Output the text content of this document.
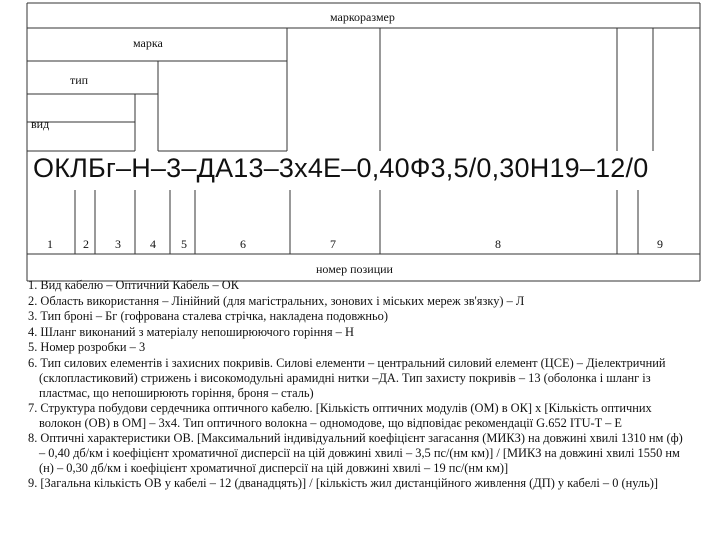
маркоразмер
марка
тип
вид
ОКЛБг–Н–3–ДА13–3х4Е–0,40Ф3,5/0,30Н19–12/0
1	2 3 4 5	6	7	8	9
номер позиции
1. Вид кабелю – Оптичний Кабель – ОК
2. Область використання – Лінійний (для магістральних, зонових і міських мереж зв'язку) – Л
3. Тип броні – Бг (гофрована сталева стрічка, накладена подовжньо)
4. Шланг виконаний з матеріалу непоширюючого горіння – Н
5. Номер розробки – 3
6. Тип силових елементів і захисних покривів. Силові елементи – центральний силовий елемент (ЦСЕ) – Діелектричний (склопластиковий) стрижень і високомодульні арамидні нитки –ДА. Тип захисту покривів – 13 (оболонка і шланг із пластмас, що непоширюють горіння, броня – сталь)
7. Структура побудови сердечника оптичного кабелю. [Кількість оптичних модулів (ОМ) в ОК] х [Кількість оптичних волокон (ОВ) в ОМ] – 3х4. Тип оптичного волокна – одномодове, що відповідає рекомендації G.652 ITU-T – Е
8. Оптичні характеристики ОВ. [Максимальний індивідуальний коефіцієнт загасання (МИКЗ) на довжині хвилі 1310 нм (ф) – 0,40 дб/км і коефіцієнт хроматичної дисперсії на цій довжині хвилі – 3,5 пс/(нм км)] / [МИКЗ на довжині хвилі 1550 нм (н) – 0,30 дб/км і коефіцієнт хроматичної дисперсії на цій довжині хвилі – 19 пс/(нм км)]
9. [Загальна кількість ОВ у кабелі – 12 (дванадцять)] / [кількість жил дистанційного живлення (ДП) у кабелі – 0 (нуль)]
